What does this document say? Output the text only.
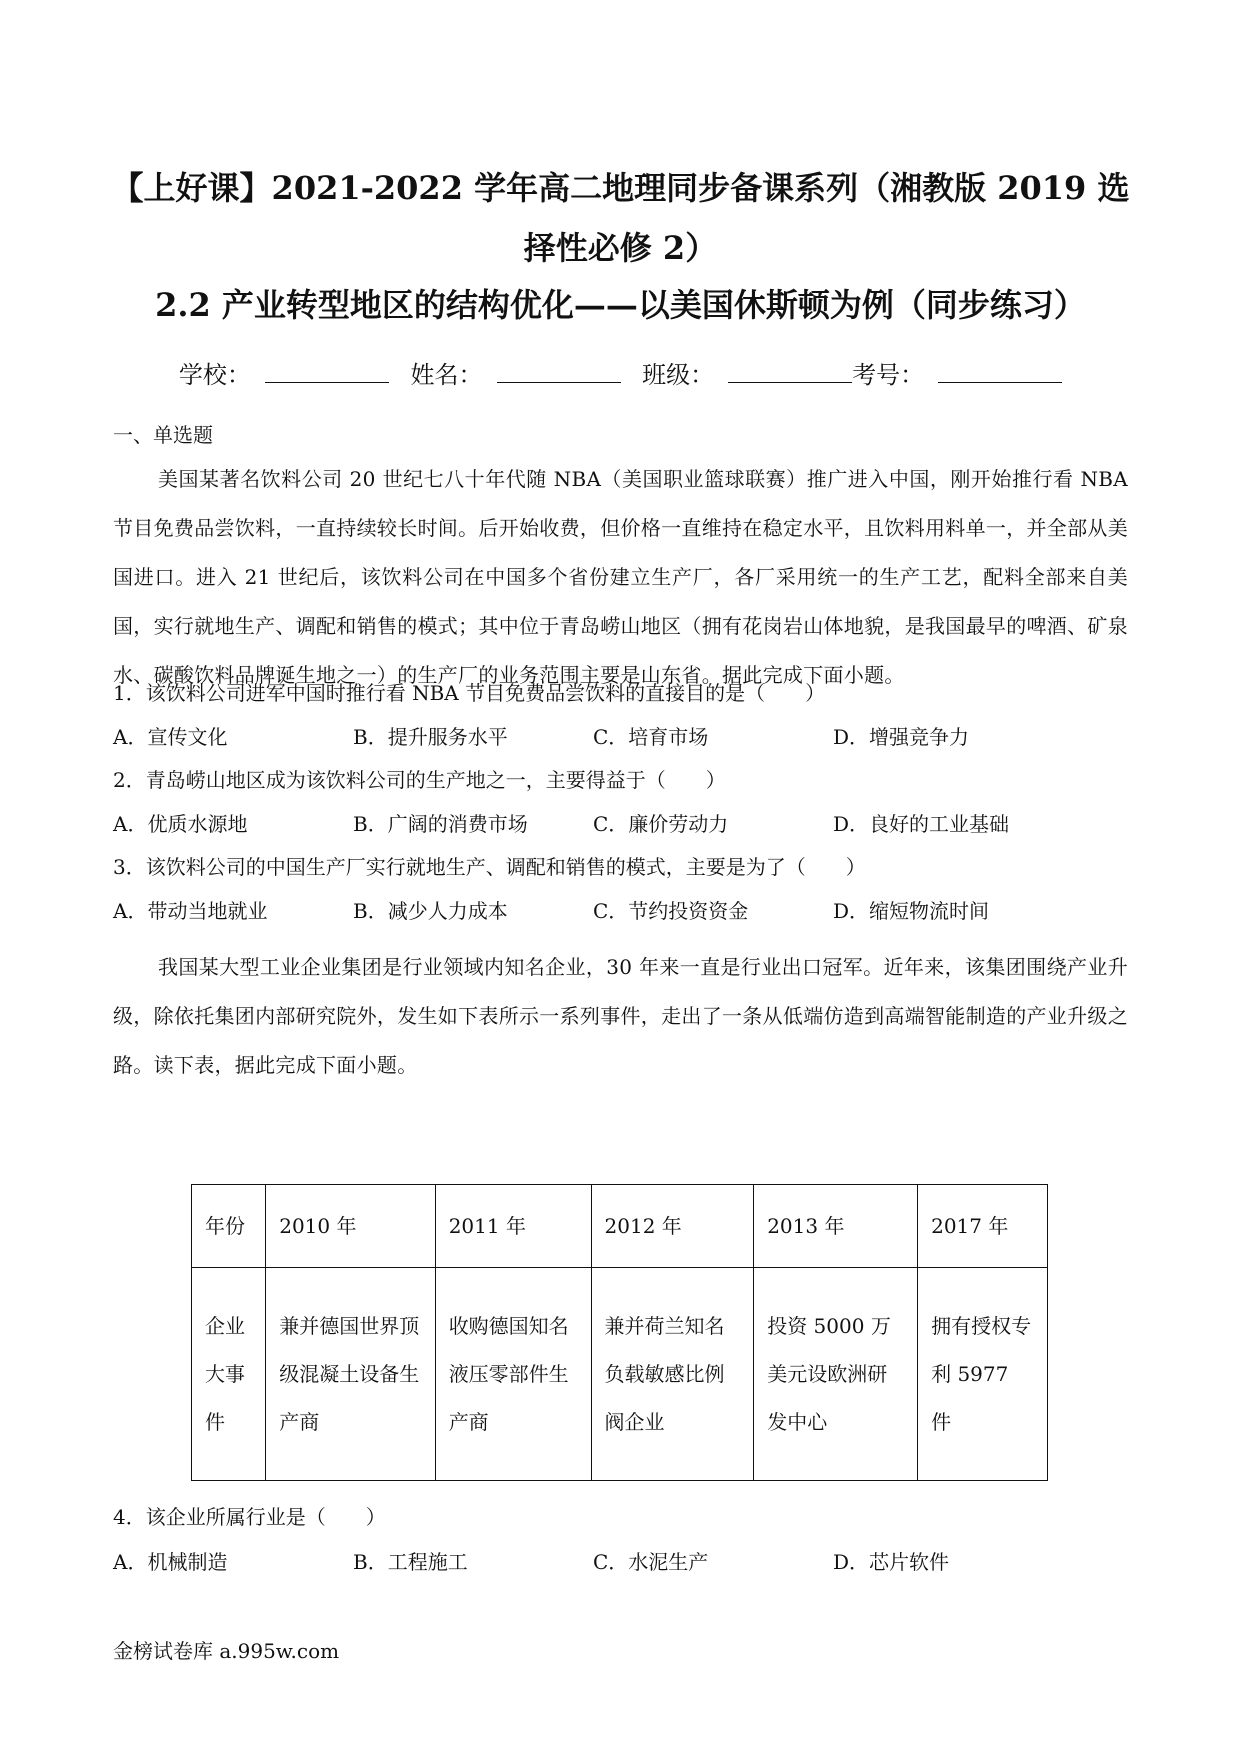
【上好课】2021-2022 学年高二地理同步备课系列（湘教版 2019 选择性必修 2）
2.2 产业转型地区的结构优化——以美国休斯顿为例（同步练习）
学校：	姓名：	班级：	考号：
一、单选题
美国某著名饮料公司 20 世纪七八十年代随 NBA（美国职业篮球联赛）推广进入中国，刚开始推行看 NBA 节目免费品尝饮料，一直持续较长时间。后开始收费，但价格一直维持在稳定水平，且饮料用料单一，并全部从美国进口。进入 21 世纪后，该饮料公司在中国多个省份建立生产厂，各厂采用统一的生产工艺，配料全部来自美国，实行就地生产、调配和销售的模式；其中位于青岛崂山地区（拥有花岗岩山体地貌，是我国最早的啤酒、矿泉水、碳酸饮料品牌诞生地之一）的生产厂的业务范围主要是山东省。据此完成下面小题。
1．该饮料公司进军中国时推行看 NBA 节目免费品尝饮料的直接目的是（　　）
A．宣传文化	B．提升服务水平	C．培育市场	D．增强竞争力
2．青岛崂山地区成为该饮料公司的生产地之一，主要得益于（　　）
A．优质水源地	B．广阔的消费市场	C．廉价劳动力	D．良好的工业基础
3．该饮料公司的中国生产厂实行就地生产、调配和销售的模式，主要是为了（　　）
A．带动当地就业	B．减少人力成本	C．节约投资资金	D．缩短物流时间
我国某大型工业企业集团是行业领域内知名企业，30 年来一直是行业出口冠军。近年来，该集团围绕产业升级，除依托集团内部研究院外，发生如下表所示一系列事件，走出了一条从低端仿造到高端智能制造的产业升级之路。读下表，据此完成下面小题。
年份	2010 年	2011 年	2012 年	2013 年	2017 年
企业大事件	兼并德国世界顶级混凝土设备生产商	收购德国知名液压零部件生产商	兼并荷兰知名负载敏感比例阀企业	投资 5000 万美元设欧洲研发中心	拥有授权专利 5977 件
4．该企业所属行业是（　　）
A．机械制造	B．工程施工	C．水泥生产	D．芯片软件
金榜试卷库 a.995w.com
